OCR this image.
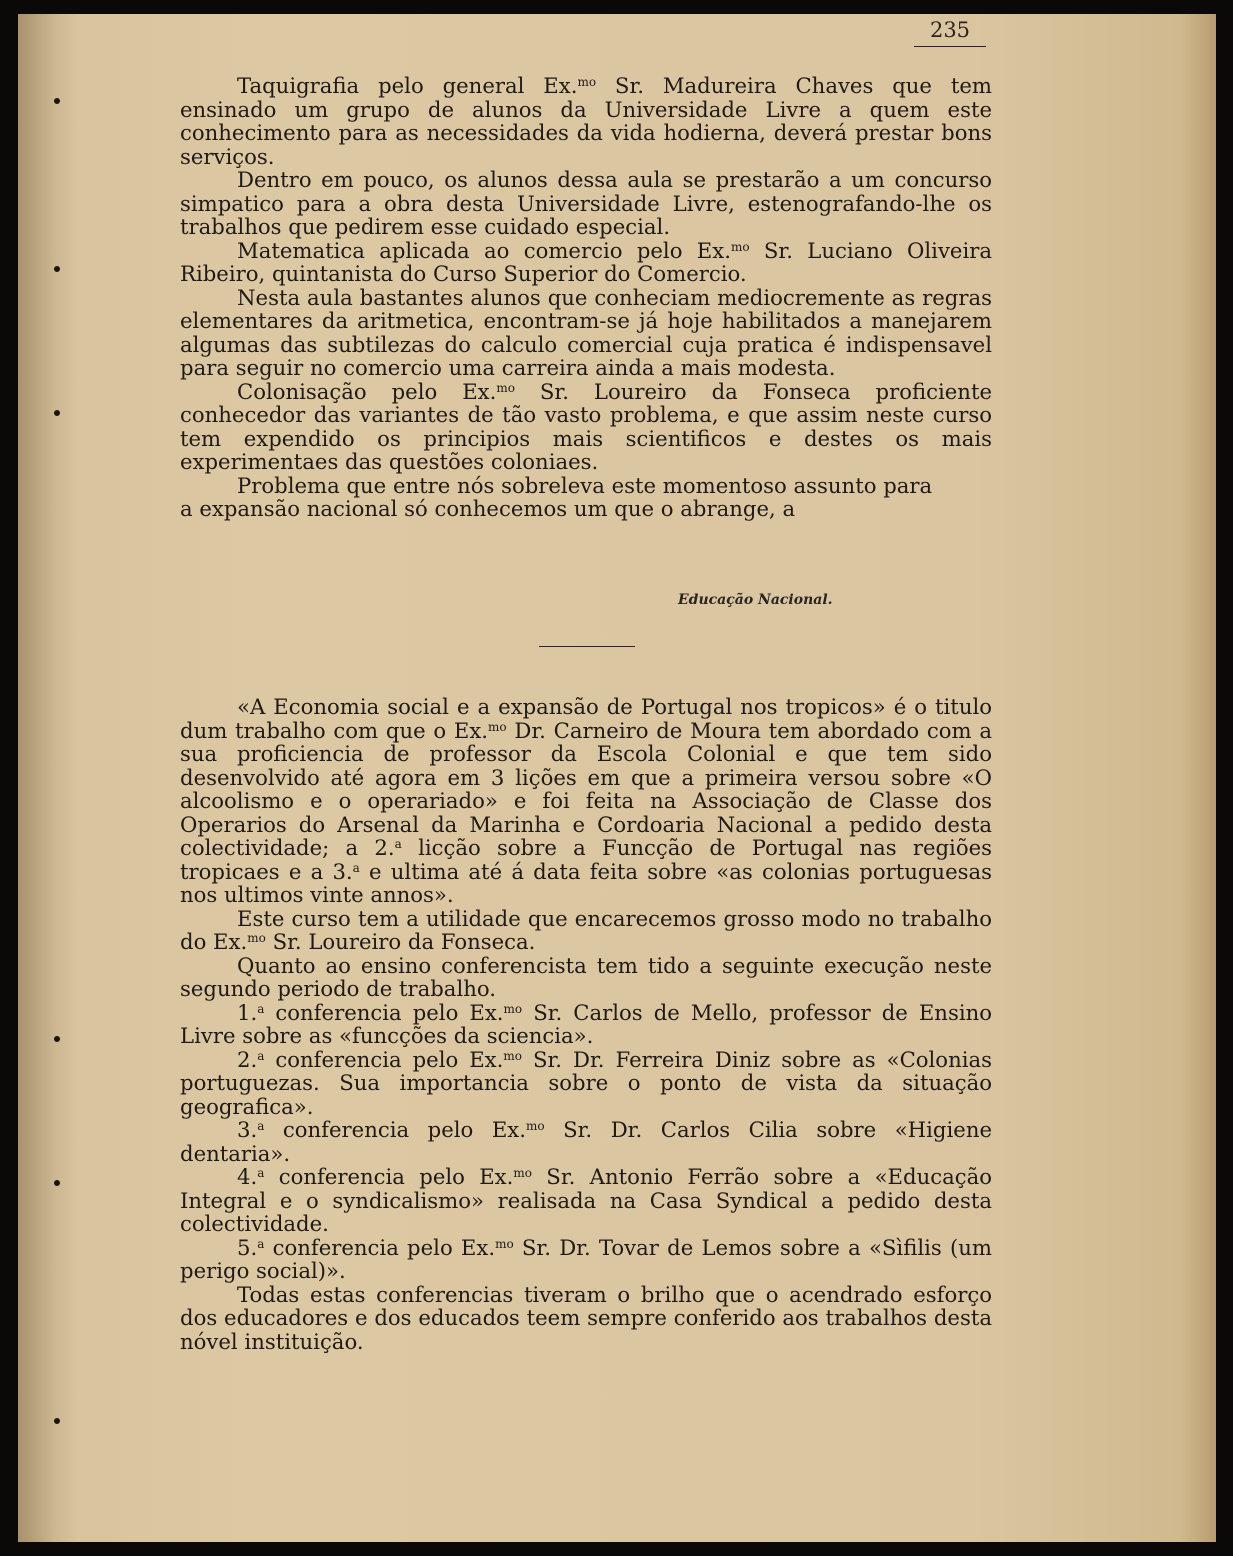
235

Taquigrafia pelo general Ex.$^{mo}$ Sr. Madureira Chaves que tem ensinado um grupo de alunos da Universidade Livre a quem este conhecimento para as necessidades da vida hodierna, deverá prestar bons serviços.

Dentro em pouco, os alunos dessa aula se prestarão a um concurso simpatico para a obra desta Universidade Livre, estenografando-lhe os trabalhos que pedirem esse cuidado especial.

Matematica aplicada ao comercio pelo Ex.$^{mo}$ Sr. Luciano Oliveira Ribeiro, quintanista do Curso Superior do Comercio.

Nesta aula bastantes alunos que conheciam mediocremente as regras elementares da aritmetica, encontram-se já hoje habilitados a manejarem algumas das subtilezas do calculo comercial cuja pratica é indispensavel para seguir no comercio uma carreira ainda a mais modesta.

Colonisação pelo Ex.$^{mo}$ Sr. Loureiro da Fonseca proficiente conhecedor das variantes de tão vasto problema, e que assim neste curso tem expendido os principios mais scientificos e destes os mais experimentaes das questões coloniaes.

Problema que entre nós sobreleva este momentoso assunto para

a expansão nacional só conhecemos um que o abrange, a

Educação Nacional.

«A Economia social e a expansão de Portugal nos tropicos» é o titulo dum trabalho com que o Ex.$^{mo}$ Dr. Carneiro de Moura tem abordado com a sua proficiencia de professor da Escola Colonial e que tem sido desenvolvido até agora em 3 lições em que a primeira versou sobre «O alcoolismo e o operariado» e foi feita na Associação de Classe dos Operarios do Arsenal da Marinha e Cordoaria Nacional a pedido desta colectividade; a 2.$^a$ licção sobre a Funcção de Portugal nas regiões tropicaes e a 3.$^a$ e ultima até á data feita sobre «as colonias portuguesas nos ultimos vinte annos».

Este curso tem a utilidade que encarecemos grosso modo no trabalho do Ex.$^{mo}$ Sr. Loureiro da Fonseca.

Quanto ao ensino conferencista tem tido a seguinte execução neste segundo periodo de trabalho.

1.$^a$ conferencia pelo Ex.$^{mo}$ Sr. Carlos de Mello, professor de Ensino Livre sobre as «funcções da sciencia».

2.$^a$ conferencia pelo Ex.$^{mo}$ Sr. Dr. Ferreira Diniz sobre as «Colonias portuguezas. Sua importancia sobre o ponto de vista da situação geografica».

3.$^a$ conferencia pelo Ex.$^{mo}$ Sr. Dr. Carlos Cilia sobre «Higiene dentaria».

4.$^a$ conferencia pelo Ex.$^{mo}$ Sr. Antonio Ferrão sobre a «Educação Integral e o syndicalismo» realisada na Casa Syndical a pedido desta colectividade.

5.$^a$ conferencia pelo Ex.$^{mo}$ Sr. Dr. Tovar de Lemos sobre a «Sìfilis (um perigo social)».

Todas estas conferencias tiveram o brilho que o acendrado esforço dos educadores e dos educados teem sempre conferido aos trabalhos desta nóvel instituição.
